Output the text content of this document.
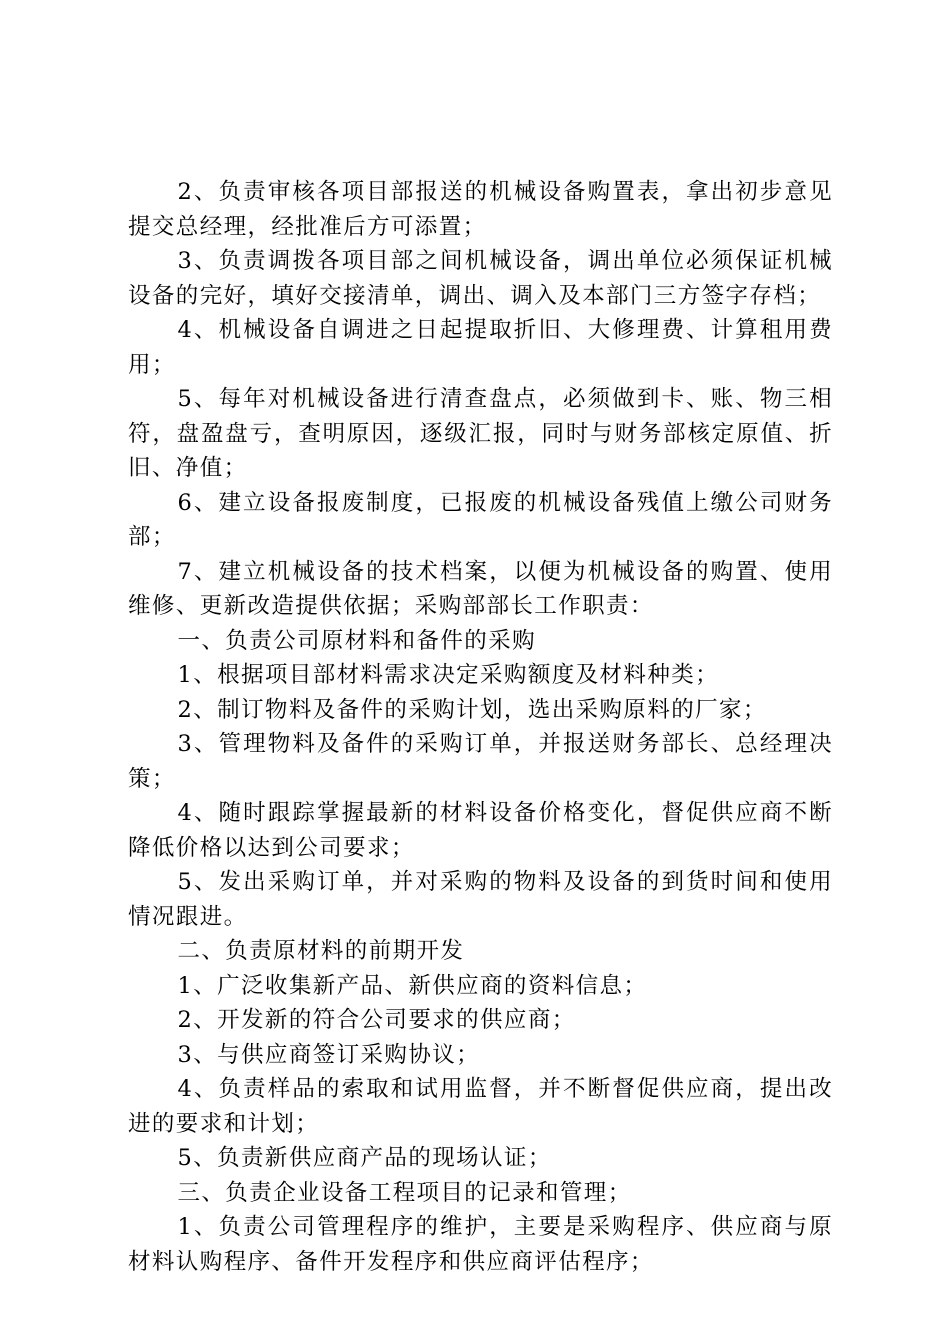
2、负责审核各项目部报送的机械设备购置表，拿出初步意见提交总经理，经批准后方可添置；

3、负责调拨各项目部之间机械设备，调出单位必须保证机械设备的完好，填好交接清单，调出、调入及本部门三方签字存档；

4、机械设备自调进之日起提取折旧、大修理费、计算租用费用；

5、每年对机械设备进行清查盘点，必须做到卡、账、物三相符，盘盈盘亏，查明原因，逐级汇报，同时与财务部核定原值、折旧、净值；

6、建立设备报废制度，已报废的机械设备残值上缴公司财务部；

7、建立机械设备的技术档案，以便为机械设备的购置、使用维修、更新改造提供依据；采购部部长工作职责：

一、负责公司原材料和备件的采购

1、根据项目部材料需求决定采购额度及材料种类；

2、制订物料及备件的采购计划，选出采购原料的厂家；

3、管理物料及备件的采购订单，并报送财务部长、总经理决策；

4、随时跟踪掌握最新的材料设备价格变化，督促供应商不断降低价格以达到公司要求；

5、发出采购订单，并对采购的物料及设备的到货时间和使用情况跟进。

二、负责原材料的前期开发

1、广泛收集新产品、新供应商的资料信息；

2、开发新的符合公司要求的供应商；

3、与供应商签订采购协议；

4、负责样品的索取和试用监督，并不断督促供应商，提出改进的要求和计划；

5、负责新供应商产品的现场认证；

三、负责企业设备工程项目的记录和管理；

1、负责公司管理程序的维护，主要是采购程序、供应商与原材料认购程序、备件开发程序和供应商评估程序；
